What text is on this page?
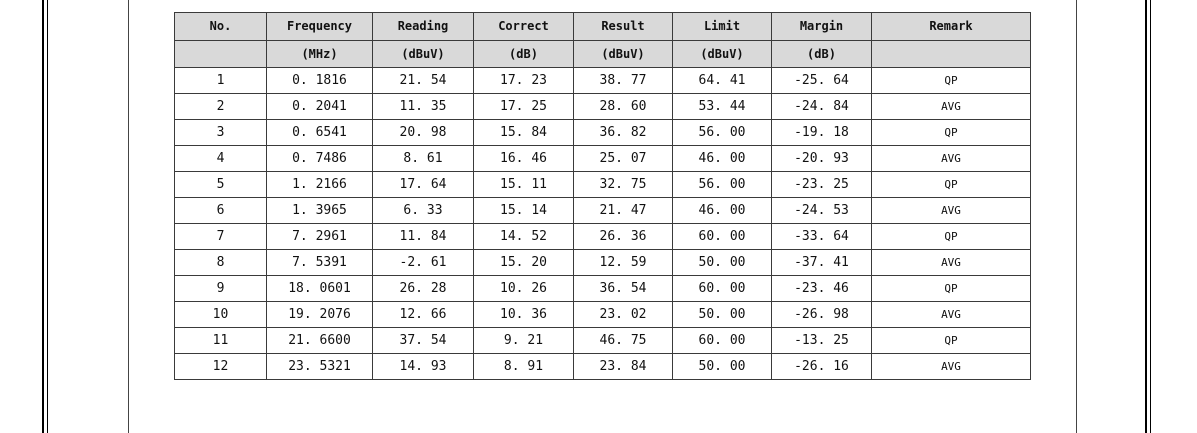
No.	Frequency	Reading	Correct	Result	Limit	Margin	Remark
	(MHz)	(dBuV)	(dB)	(dBuV)	(dBuV)	(dB)	
1	0. 1816	21. 54	17. 23	38. 77	64. 41	-25. 64	QP
2	0. 2041	11. 35	17. 25	28. 60	53. 44	-24. 84	AVG
3	0. 6541	20. 98	15. 84	36. 82	56. 00	-19. 18	QP
4	0. 7486	8. 61	16. 46	25. 07	46. 00	-20. 93	AVG
5	1. 2166	17. 64	15. 11	32. 75	56. 00	-23. 25	QP
6	1. 3965	6. 33	15. 14	21. 47	46. 00	-24. 53	AVG
7	7. 2961	11. 84	14. 52	26. 36	60. 00	-33. 64	QP
8	7. 5391	-2. 61	15. 20	12. 59	50. 00	-37. 41	AVG
9	18. 0601	26. 28	10. 26	36. 54	60. 00	-23. 46	QP
10	19. 2076	12. 66	10. 36	23. 02	50. 00	-26. 98	AVG
11	21. 6600	37. 54	9. 21	46. 75	60. 00	-13. 25	QP
12	23. 5321	14. 93	8. 91	23. 84	50. 00	-26. 16	AVG
